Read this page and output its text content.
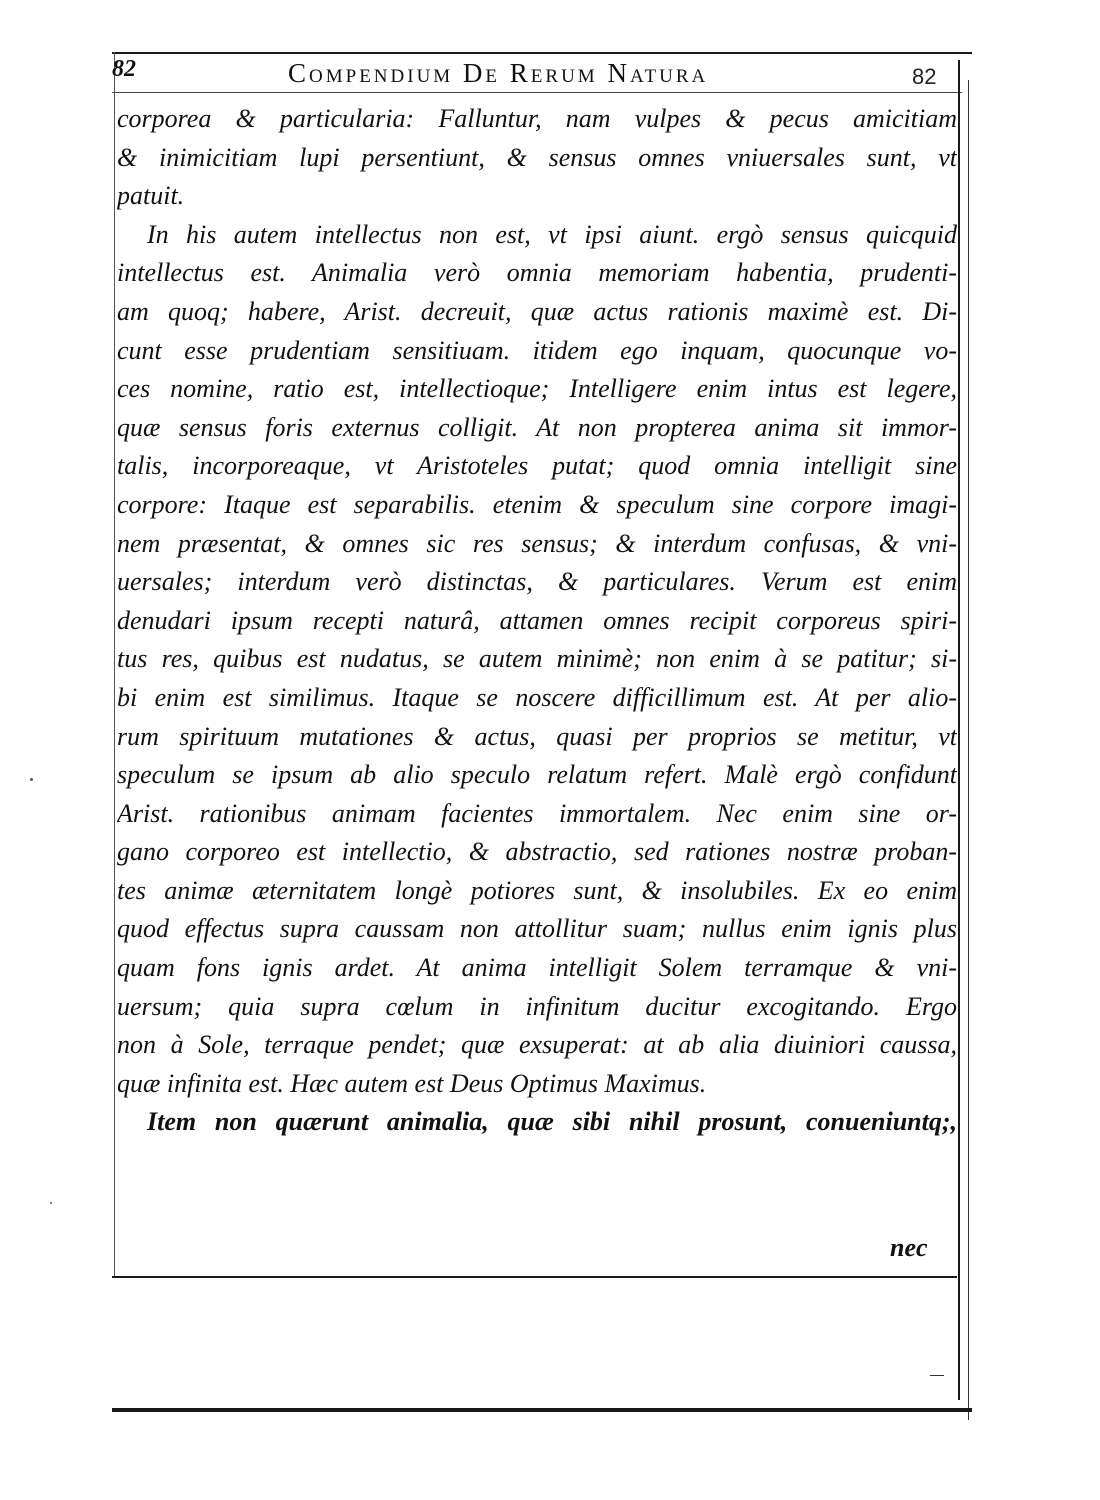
82	Compendium De Rerum Natura	82
corporea & particularia: Falluntur, nam vulpes & pecus amicitiam
& inimicitiam lupi persentiunt, & sensus omnes vniuersales sunt, vt
patuit.
In his autem intellectus non est, vt ipsi aiunt. ergò sensus quicquid
intellectus est. Animalia verò omnia memoriam habentia, prudenti-
am quoq; habere, Arist. decreuit, quæ actus rationis maximè est. Di-
cunt esse prudentiam sensitiuam. itidem ego inquam, quocunque vo-
ces nomine, ratio est, intellectioque; Intelligere enim intus est legere,
quæ sensus foris externus colligit. At non propterea anima sit immor-
talis, incorporeaque, vt Aristoteles putat; quod omnia intelligit sine
corpore: Itaque est separabilis. etenim & speculum sine corpore imagi-
nem præsentat, & omnes sic res sensus; & interdum confusas, & vni-
uersales; interdum verò distinctas, & particulares. Verum est enim
denudari ipsum recepti naturâ, attamen omnes recipit corporeus spiri-
tus res, quibus est nudatus, se autem minimè; non enim à se patitur; si-
bi enim est similimus. Itaque se noscere difficillimum est. At per alio-
rum spirituum mutationes & actus, quasi per proprios se metitur, vt
speculum se ipsum ab alio speculo relatum refert. Malè ergò confidunt
Arist. rationibus animam facientes immortalem. Nec enim sine or-
gano corporeo est intellectio, & abstractio, sed rationes nostræ proban-
tes animæ æternitatem longè potiores sunt, & insolubiles. Ex eo enim
quod effectus supra caussam non attollitur suam; nullus enim ignis plus
quam fons ignis ardet. At anima intelligit Solem terramque & vni-
uersum; quia supra cœlum in infinitum ducitur excogitando. Ergo
non à Sole, terraque pendet; quæ exsuperat: at ab alia diuiniori caussa,
quæ infinita est. Hæc autem est Deus Optimus Maximus.
Item non quærunt animalia, quæ sibi nihil prosunt, conueniuntq;,
nec
